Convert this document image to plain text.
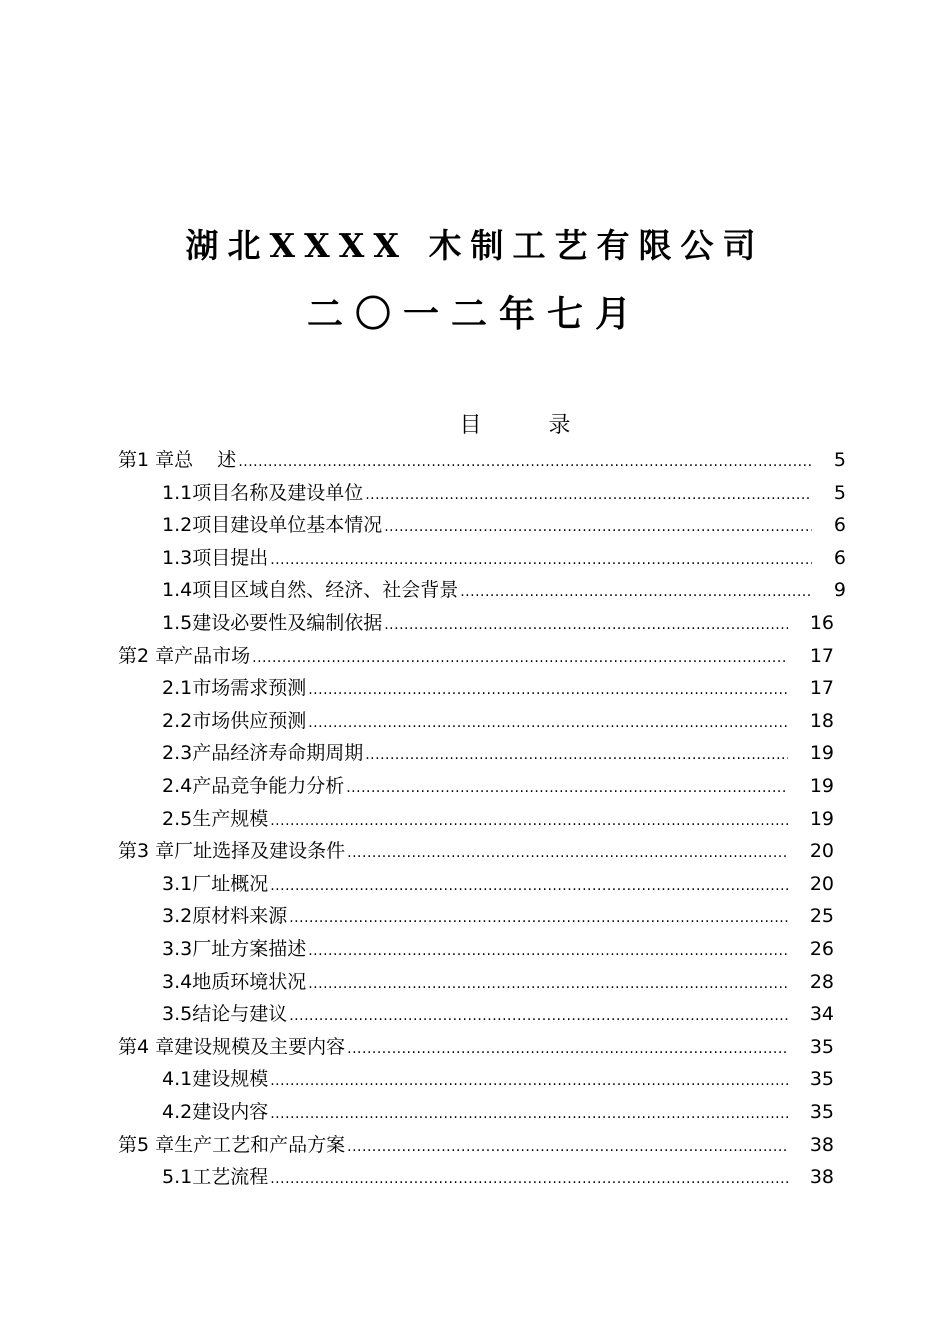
湖北XXXX 木制工艺有限公司
二〇一二年七月
目 录
第1 章 总    述 .....	5
1.1 项目名称及建设单位 .....	5
1.2 项目建设单位基本情况 .....	6
1.3 项目提出 .....	6
1.4 项目区域自然、经济、社会背景 .....	9
1.5 建设必要性及编制依据 .....	16
第2 章 产品市场 .....	17
2.1 市场需求预测 .....	17
2.2 市场供应预测 .....	18
2.3 产品经济寿命期周期 .....	19
2.4 产品竞争能力分析 .....	19
2.5 生产规模 .....	19
第3 章 厂址选择及建设条件 .....	20
3.1 厂址概况 .....	20
3.2 原材料来源 .....	25
3.3 厂址方案描述 .....	26
3.4 地质环境状况 .....	28
3.5 结论与建议 .....	34
第4 章 建设规模及主要内容 .....	35
4.1 建设规模 .....	35
4.2 建设内容 .....	35
第5 章 生产工艺和产品方案 .....	38
5.1 工艺流程 .....	38
